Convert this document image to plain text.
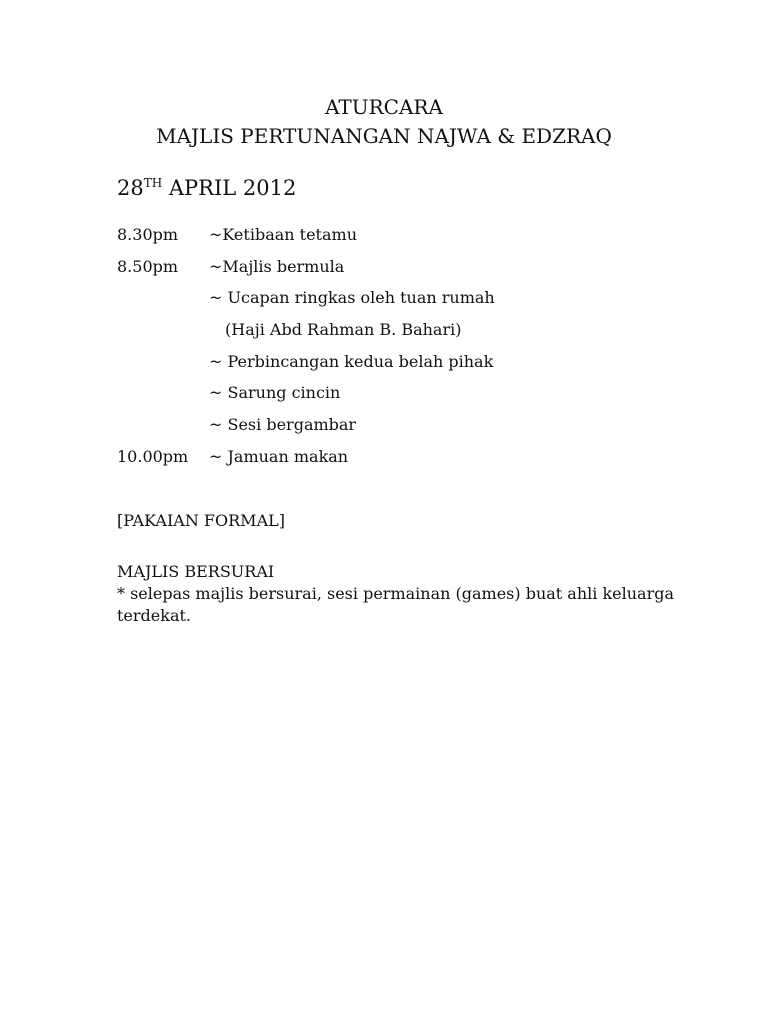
ATURCARA
MAJLIS PERTUNANGAN NAJWA & EDZRAQ
28TH APRIL 2012
8.30pm ~Ketibaan tetamu
8.50pm ~Majlis bermula
~ Ucapan ringkas oleh tuan rumah
(Haji Abd Rahman B. Bahari)
~ Perbincangan kedua belah pihak
~ Sarung cincin
~ Sesi bergambar
10.00pm ~ Jamuan makan
[PAKAIAN FORMAL]
MAJLIS BERSURAI
* selepas majlis bersurai, sesi permainan (games) buat ahli keluarga terdekat.
